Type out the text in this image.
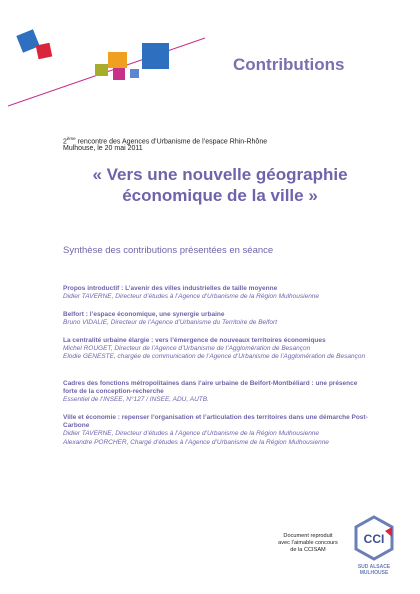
Contributions
2ème rencontre des Agences d’Urbanisme de l’espace Rhin-Rhône
Mulhouse, le 20 mai 2011
« Vers une nouvelle géographie
économique de la ville »
Synthèse des contributions présentées en séance
Propos introductif : L’avenir des villes industrielles de taille moyenne
Didier TAVERNE, Directeur d’études à l’Agence d’Urbanisme de la Région Mulhousienne
Belfort : l’espace économique, une synergie urbaine
Bruno VIDALIE, Directeur de l’Agence d’Urbanisme du Territoire de Belfort
La centralité urbaine élargie : vers l’émergence de nouveaux territoires économiques
Michel ROUGET, Directeur de l’Agence d’Urbanisme de l’Agglomération de Besançon
Elodie GENESTE, chargée de communication de l’Agence d’Urbanisme de l’Agglomération de Besançon
Cadres des fonctions métropolitaines dans l’aire urbaine de Belfort-Montbéliard : une présence forte de la conception-recherche
Essentiel de l’INSEE, N°127 / INSEE, ADU, AUTB.
Ville et économie : repenser l’organisation et l’articulation des territoires dans une démarche Post-Carbone
Didier TAVERNE, Directeur d’études à l’Agence d’Urbanisme de la Région Mulhousienne
Alexandre PORCHER, Chargé d’études à l’Agence d’Urbanisme de la Région Mulhousienne
Document reproduit
avec l’aimable concours
de la CCISAM
CCI
SUD ALSACE
MULHOUSE
